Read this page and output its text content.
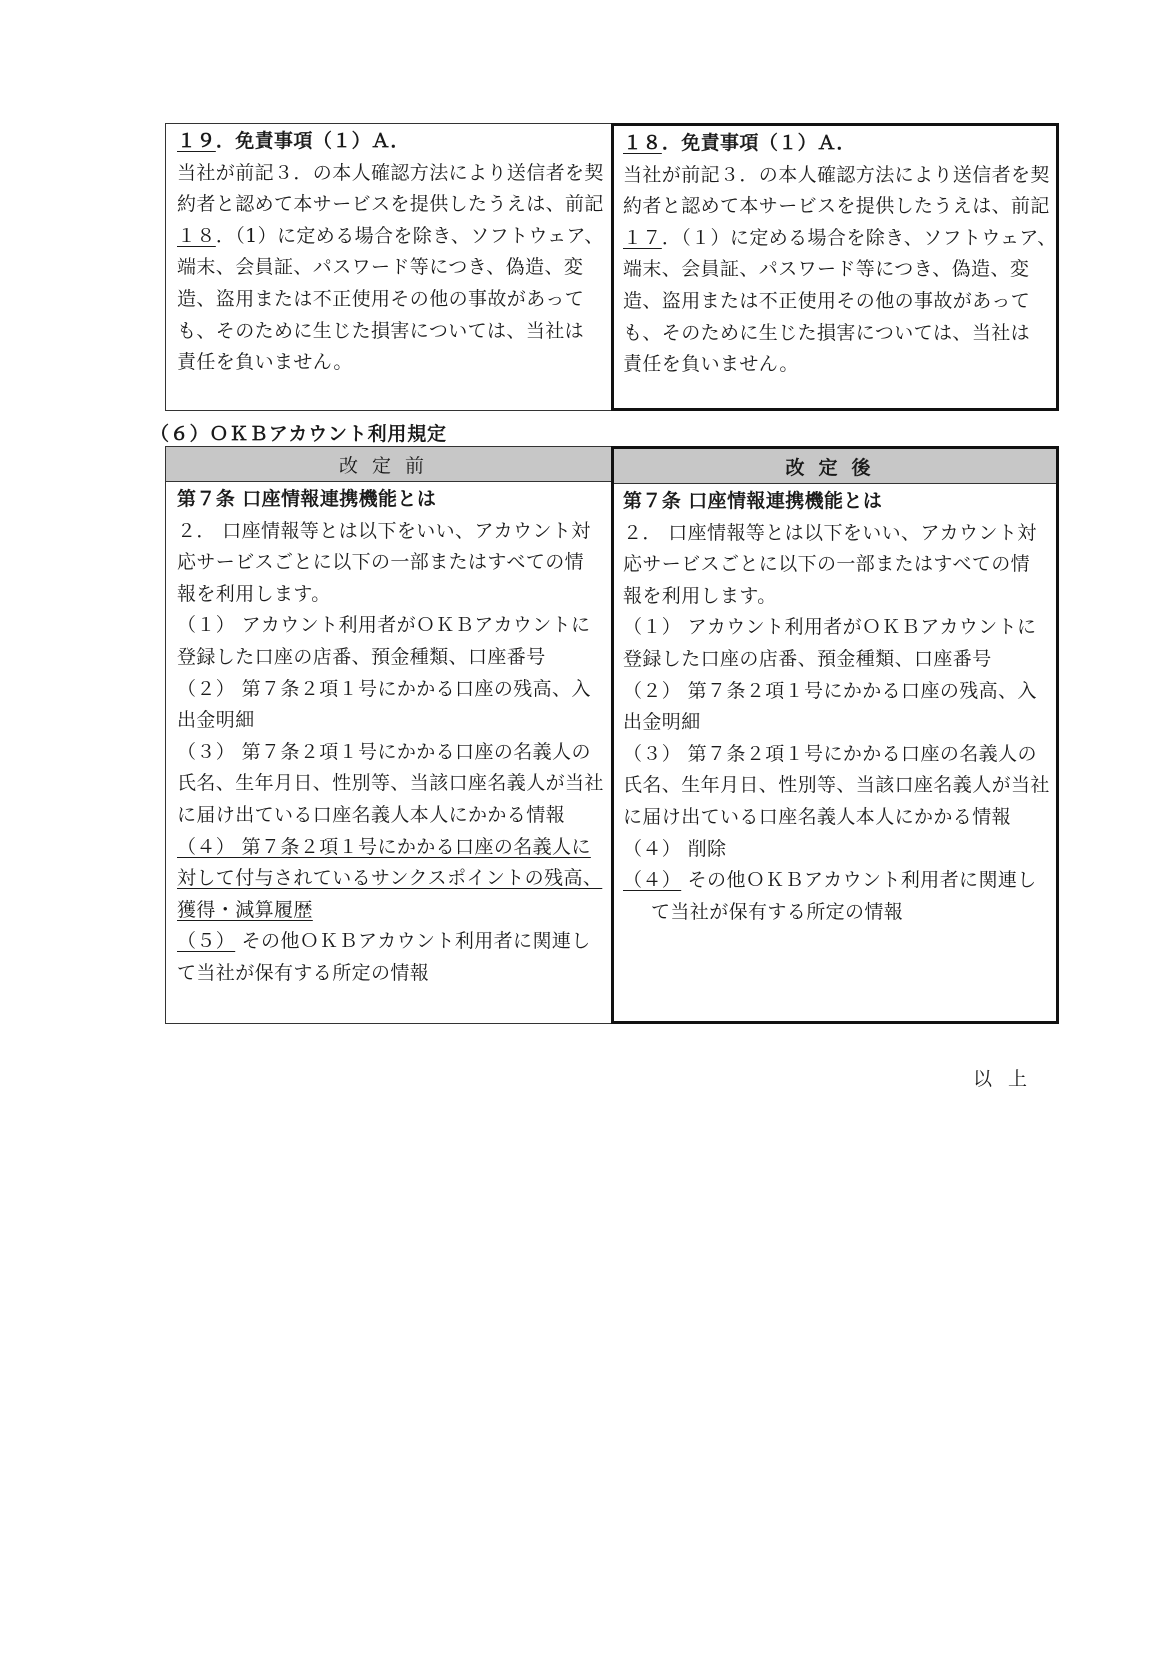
１９．免責事項（１）Ａ．
当社が前記３．の本人確認方法により送信者を契
約者と認めて本サービスを提供したうえは、前記
１８．（1）に定める場合を除き、ソフトウェア、
端末、会員証、パスワード等につき、偽造、変
造、盗用または不正使用その他の事故があって
も、そのために生じた損害については、当社は
責任を負いません。
１８．免責事項（１）Ａ．
当社が前記３．の本人確認方法により送信者を契
約者と認めて本サービスを提供したうえは、前記
１７．（１）に定める場合を除き、ソフトウェア、
端末、会員証、パスワード等につき、偽造、変
造、盗用または不正使用その他の事故があって
も、そのために生じた損害については、当社は
責任を負いません。
（６）ＯＫＢアカウント利用規定
改定前
第７条 口座情報連携機能とは
２． 口座情報等とは以下をいい、アカウント対
応サービスごとに以下の一部またはすべての情
報を利用します。
（１） アカウント利用者がＯＫＢアカウントに
登録した口座の店番、預金種類、口座番号
（２） 第７条２項１号にかかる口座の残高、入
出金明細
（３） 第７条２項１号にかかる口座の名義人の
氏名、生年月日、性別等、当該口座名義人が当社
に届け出ている口座名義人本人にかかる情報
（４） 第７条２項１号にかかる口座の名義人に
対して付与されているサンクスポイントの残高、
獲得・減算履歴
（５） その他ＯＫＢアカウント利用者に関連し
て当社が保有する所定の情報
改定後
第７条 口座情報連携機能とは
２． 口座情報等とは以下をいい、アカウント対
応サービスごとに以下の一部またはすべての情
報を利用します。
（１） アカウント利用者がＯＫＢアカウントに
登録した口座の店番、預金種類、口座番号
（２） 第７条２項１号にかかる口座の残高、入
出金明細
（３） 第７条２項１号にかかる口座の名義人の
氏名、生年月日、性別等、当該口座名義人が当社
に届け出ている口座名義人本人にかかる情報
（４） 削除
（４） その他ＯＫＢアカウント利用者に関連し
て当社が保有する所定の情報
以上
